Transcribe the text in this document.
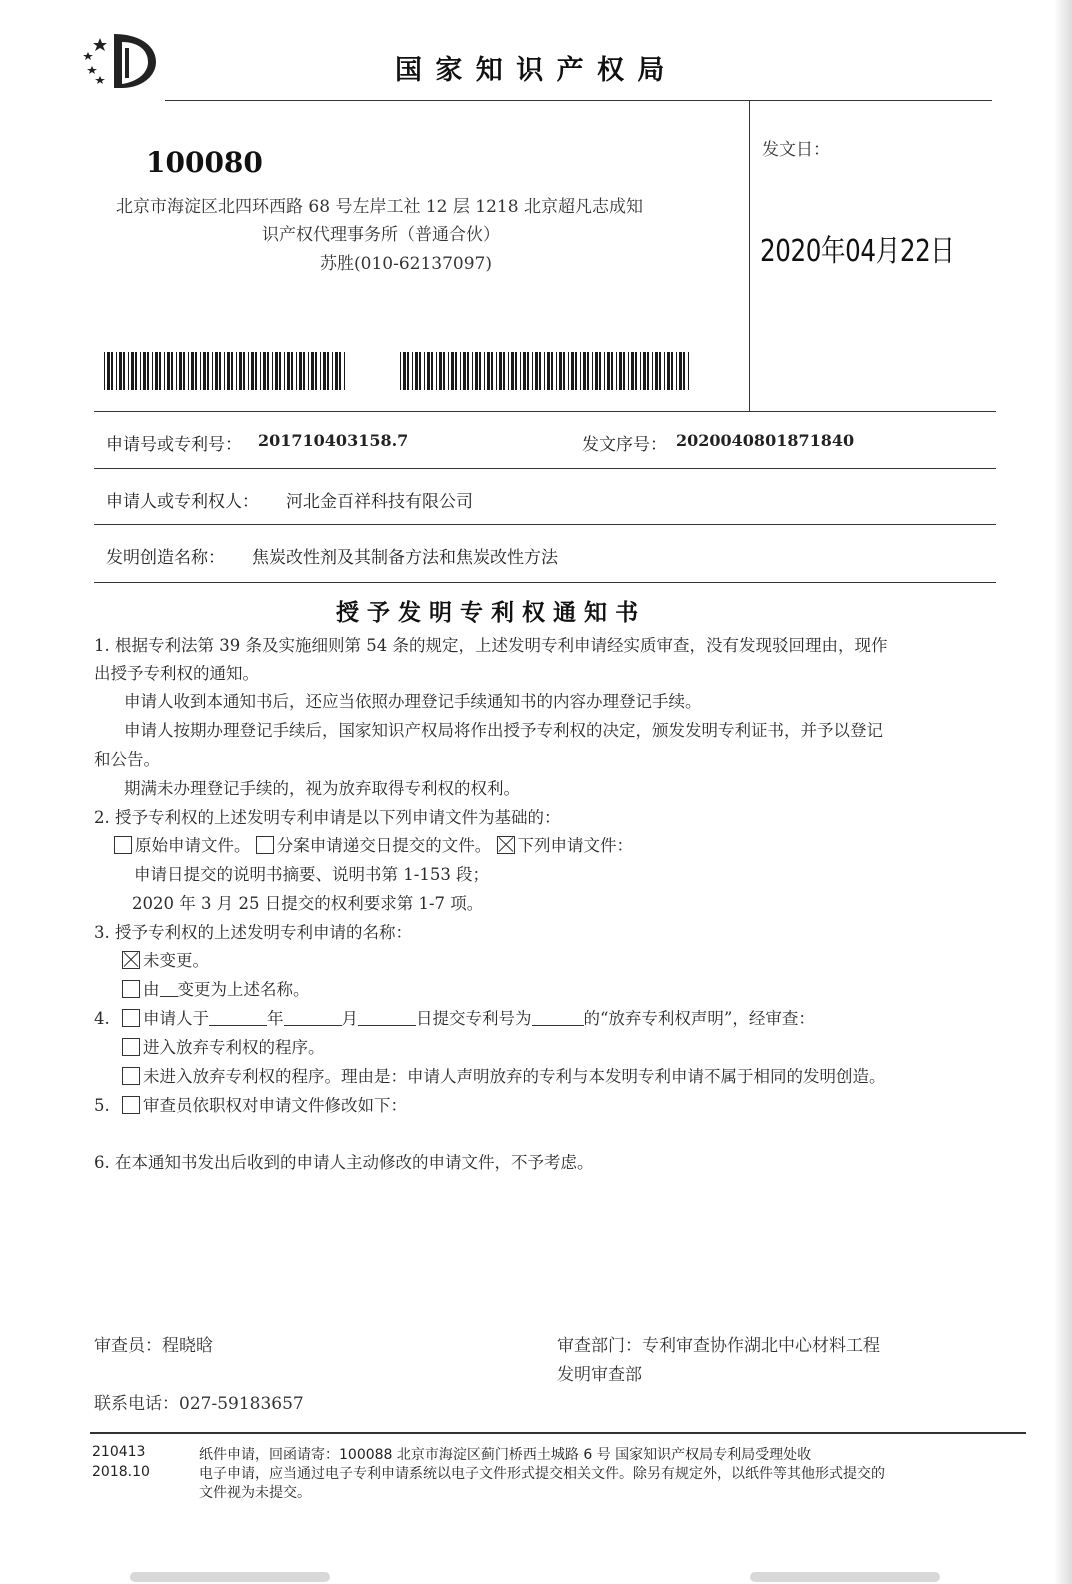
国 家 知 识 产 权 局
100080
北京市海淀区北四环西路 68 号左岸工社 12 层 1218 北京超凡志成知
识产权代理事务所（普通合伙）
苏胜(010-62137097)
发文日：
2020年04月22日
申请号或专利号： 201710403158.7	发文序号： 2020040801871840
申请人或专利权人： 河北金百祥科技有限公司
发明创造名称： 焦炭改性剂及其制备方法和焦炭改性方法
授 予 发 明 专 利 权 通 知 书
1. 根据专利法第 39 条及实施细则第 54 条的规定，上述发明专利申请经实质审查，没有发现驳回理由，现作
出授予专利权的通知。
申请人收到本通知书后，还应当依照办理登记手续通知书的内容办理登记手续。
申请人按期办理登记手续后，国家知识产权局将作出授予专利权的决定，颁发发明专利证书，并予以登记
和公告。
期满未办理登记手续的，视为放弃取得专利权的权利。
2. 授予专利权的上述发明专利申请是以下列申请文件为基础的：
原始申请文件。 分案申请递交日提交的文件。 下列申请文件：
申请日提交的说明书摘要、说明书第 1-153 段；
2020 年 3 月 25 日提交的权利要求第 1-7 项。
3. 授予专利权的上述发明专利申请的名称：
未变更。
由 变更为上述名称。
4. 申请人于	年	月	日提交专利号为	的“放弃专利权声明”，经审查：
进入放弃专利权的程序。
未进入放弃专利权的程序。理由是：申请人声明放弃的专利与本发明专利申请不属于相同的发明创造。
5. 审查员依职权对申请文件修改如下：
6. 在本通知书发出后收到的申请人主动修改的申请文件，不予考虑。
审查员：程晓晗	审查部门：专利审查协作湖北中心材料工程
发明审查部
联系电话：027-59183657
210413
2018.10
纸件申请，回函请寄：100088 北京市海淀区蓟门桥西土城路 6 号 国家知识产权局专利局受理处收
电子申请，应当通过电子专利申请系统以电子文件形式提交相关文件。除另有规定外，以纸件等其他形式提交的
文件视为未提交。
